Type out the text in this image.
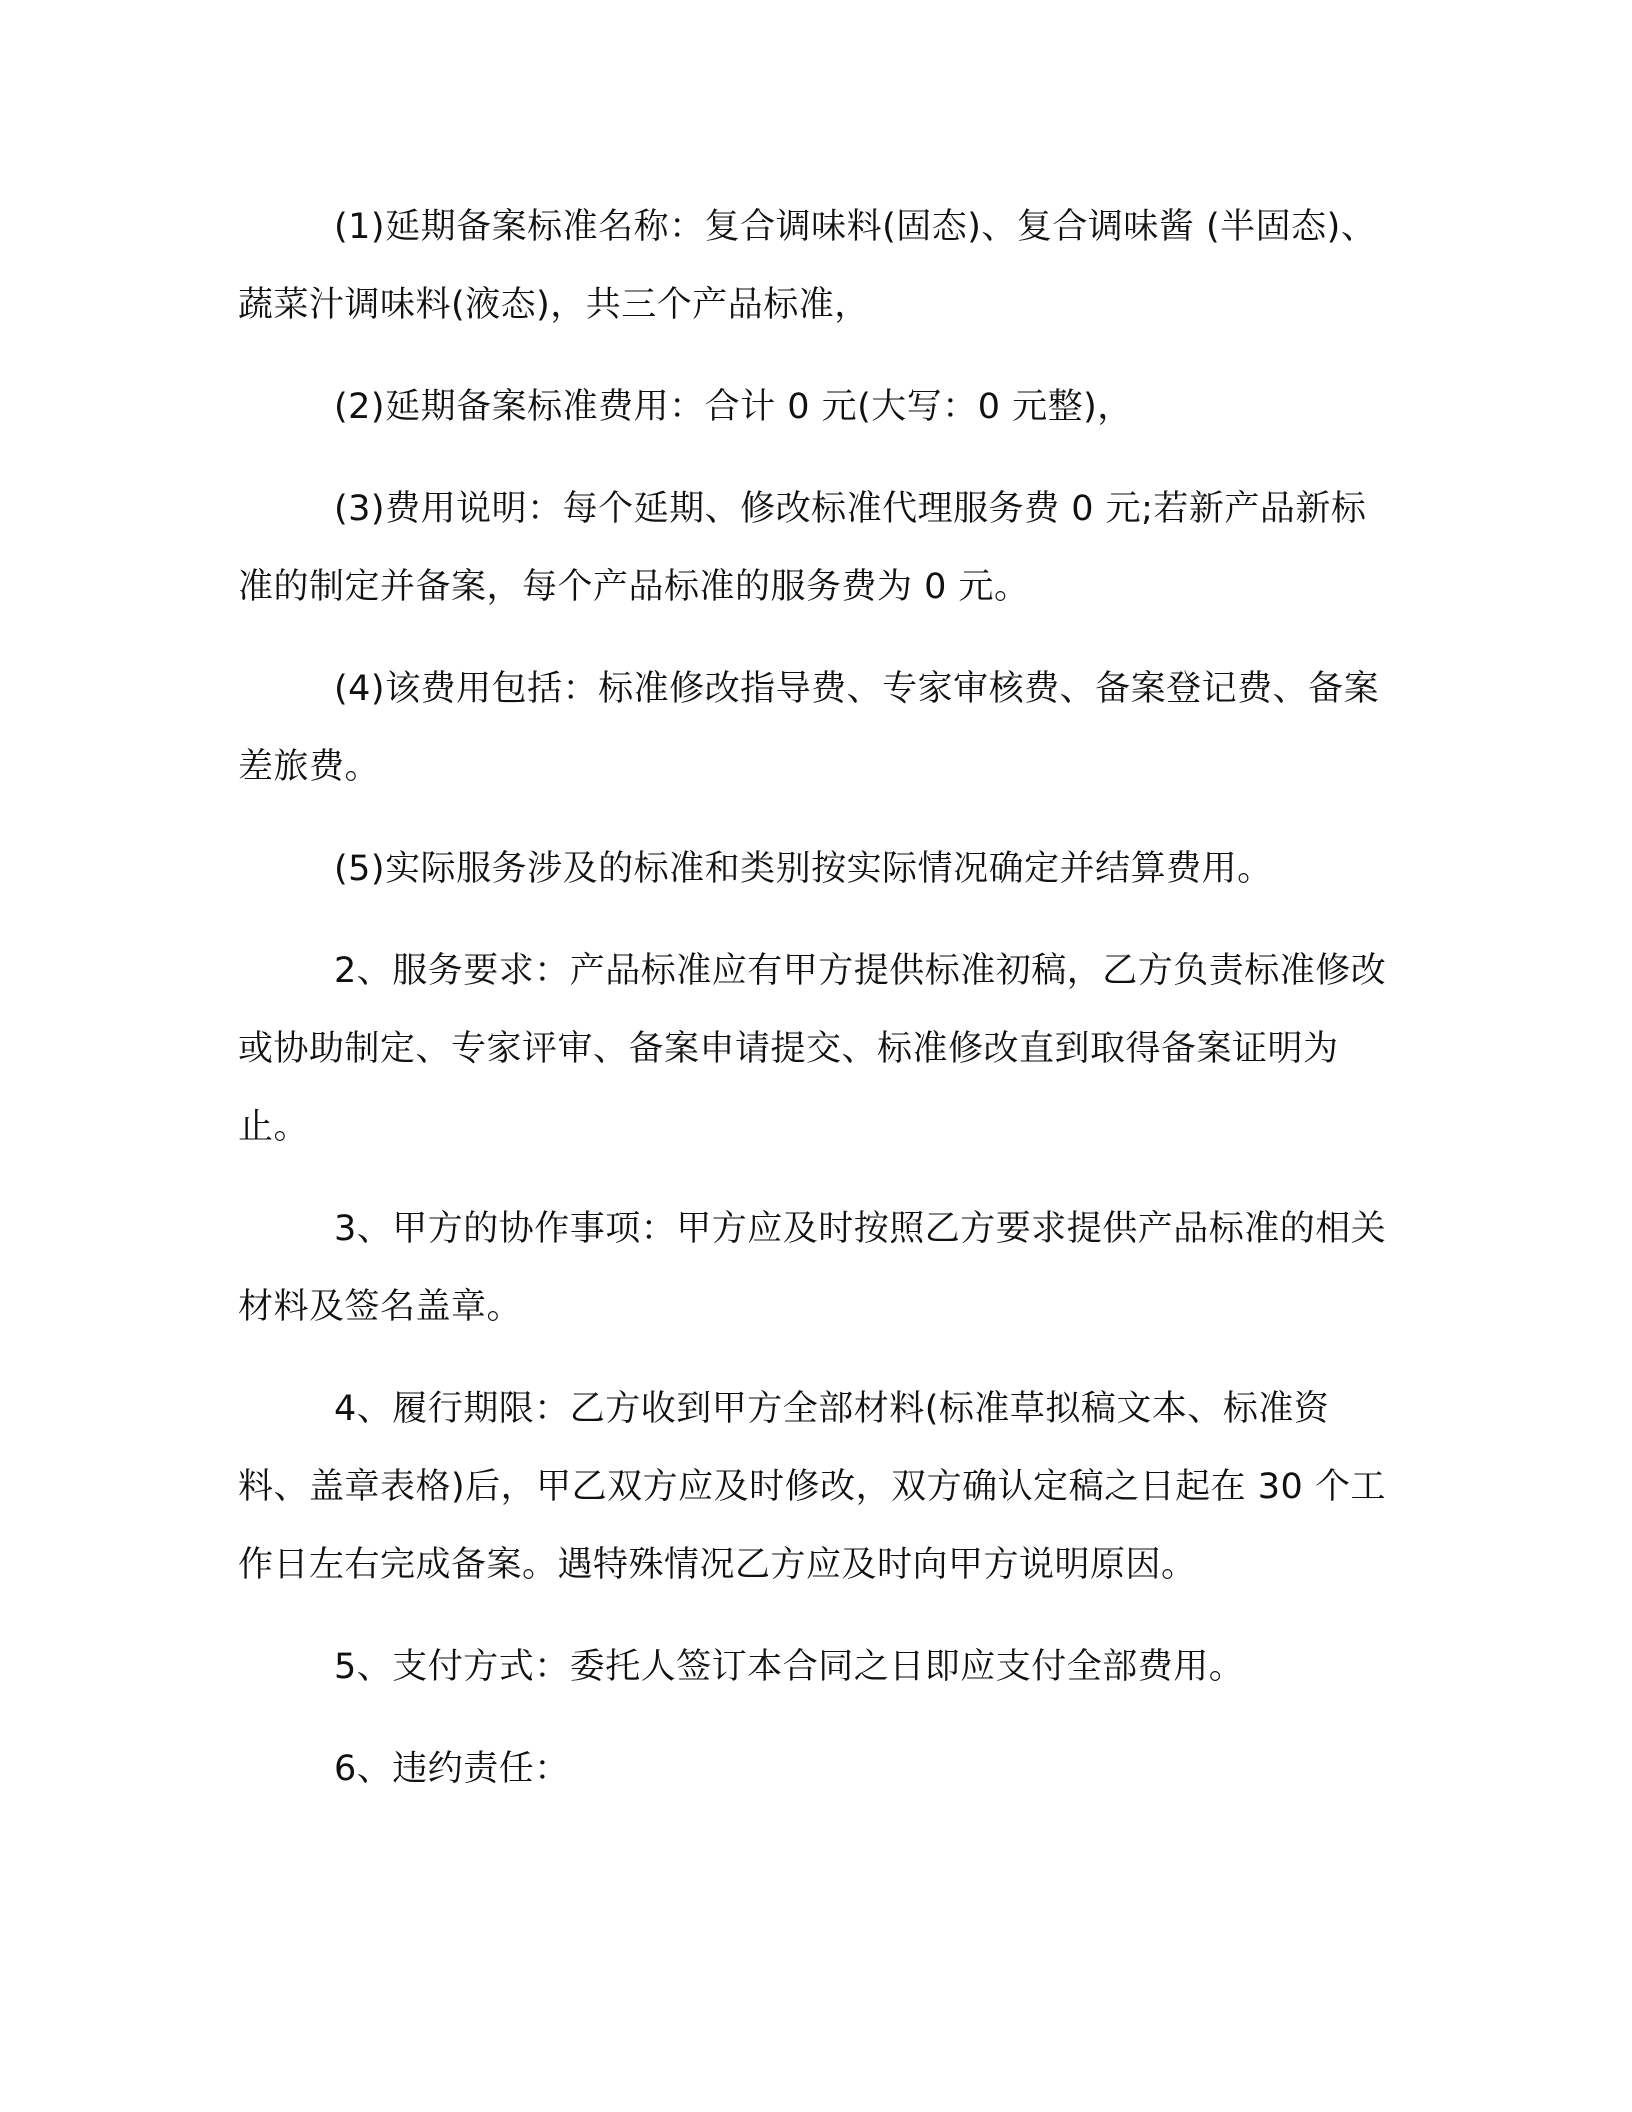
(1)延期备案标准名称：复合调味料(固态)、复合调味酱 (半固态)、蔬菜汁调味料(液态)，共三个产品标准，

(2)延期备案标准费用：合计 0 元(大写：0 元整)，

(3)费用说明：每个延期、修改标准代理服务费 0 元;若新产品新标准的制定并备案，每个产品标准的服务费为 0 元。

(4)该费用包括：标准修改指导费、专家审核费、备案登记费、备案差旅费。

(5)实际服务涉及的标准和类别按实际情况确定并结算费用。

2、服务要求：产品标准应有甲方提供标准初稿，乙方负责标准修改或协助制定、专家评审、备案申请提交、标准修改直到取得备案证明为止。

3、甲方的协作事项：甲方应及时按照乙方要求提供产品标准的相关材料及签名盖章。

4、履行期限：乙方收到甲方全部材料(标准草拟稿文本、标准资料、盖章表格)后，甲乙双方应及时修改，双方确认定稿之日起在 30 个工作日左右完成备案。遇特殊情况乙方应及时向甲方说明原因。

5、支付方式：委托人签订本合同之日即应支付全部费用。

6、违约责任：
